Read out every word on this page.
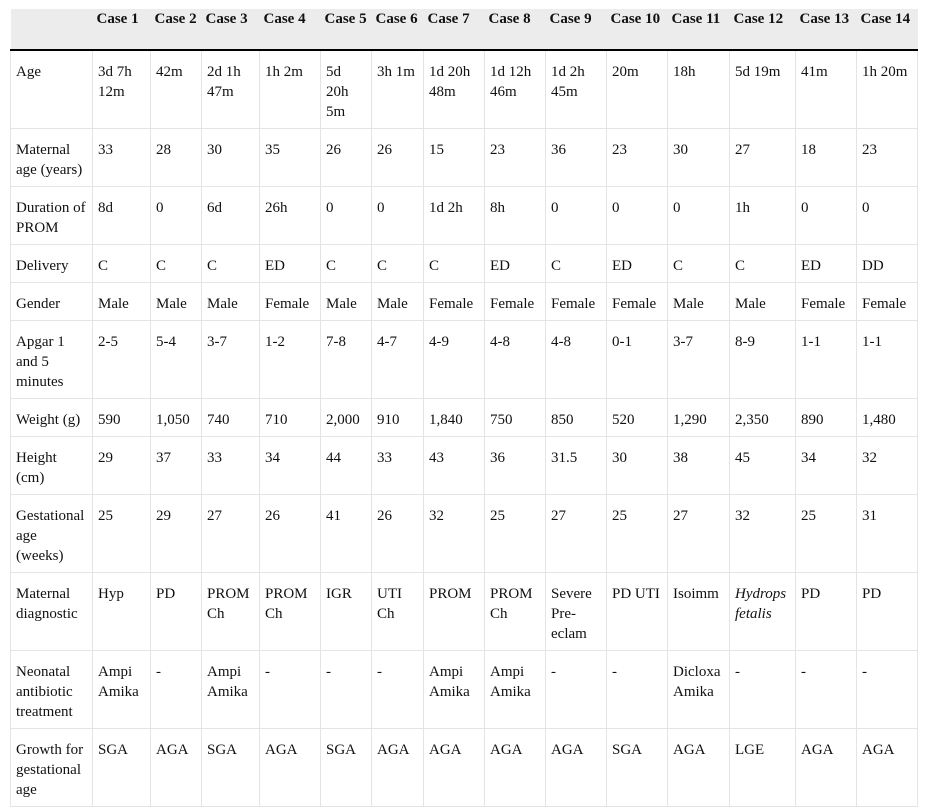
	Case 1	Case 2	Case 3	Case 4	Case 5	Case 6	Case 7	Case 8	Case 9	Case 10	Case 11	Case 12	Case 13	Case 14
Age	3d 7h 12m	42m	2d 1h 47m	1h 2m	5d 20h 5m	3h 1m	1d 20h 48m	1d 12h 46m	1d 2h 45m	20m	18h	5d 19m	41m	1h 20m
Maternal age (years)	33	28	30	35	26	26	15	23	36	23	30	27	18	23
Duration of PROM	8d	0	6d	26h	0	0	1d 2h	8h	0	0	0	1h	0	0
Delivery	C	C	C	ED	C	C	C	ED	C	ED	C	C	ED	DD
Gender	Male	Male	Male	Female	Male	Male	Female	Female	Female	Female	Male	Male	Female	Female
Apgar 1 and 5 minutes	2-5	5-4	3-7	1-2	7-8	4-7	4-9	4-8	4-8	0-1	3-7	8-9	1-1	1-1
Weight (g)	590	1,050	740	710	2,000	910	1,840	750	850	520	1,290	2,350	890	1,480
Height (cm)	29	37	33	34	44	33	43	36	31.5	30	38	45	34	32
Gestational age (weeks)	25	29	27	26	41	26	32	25	27	25	27	32	25	31
Maternal diagnostic	Hyp	PD	PROM Ch	PROM Ch	IGR	UTI Ch	PROM	PROM Ch	Severe Pre-eclam	PD UTI	Isoimm	Hydrops fetalis	PD	PD
Neonatal antibiotic treatment	Ampi Amika	-	Ampi Amika	-	-	-	Ampi Amika	Ampi Amika	-	-	Dicloxa Amika	-	-	-
Growth for gestational age	SGA	AGA	SGA	AGA	SGA	AGA	AGA	AGA	AGA	SGA	AGA	LGE	AGA	AGA
